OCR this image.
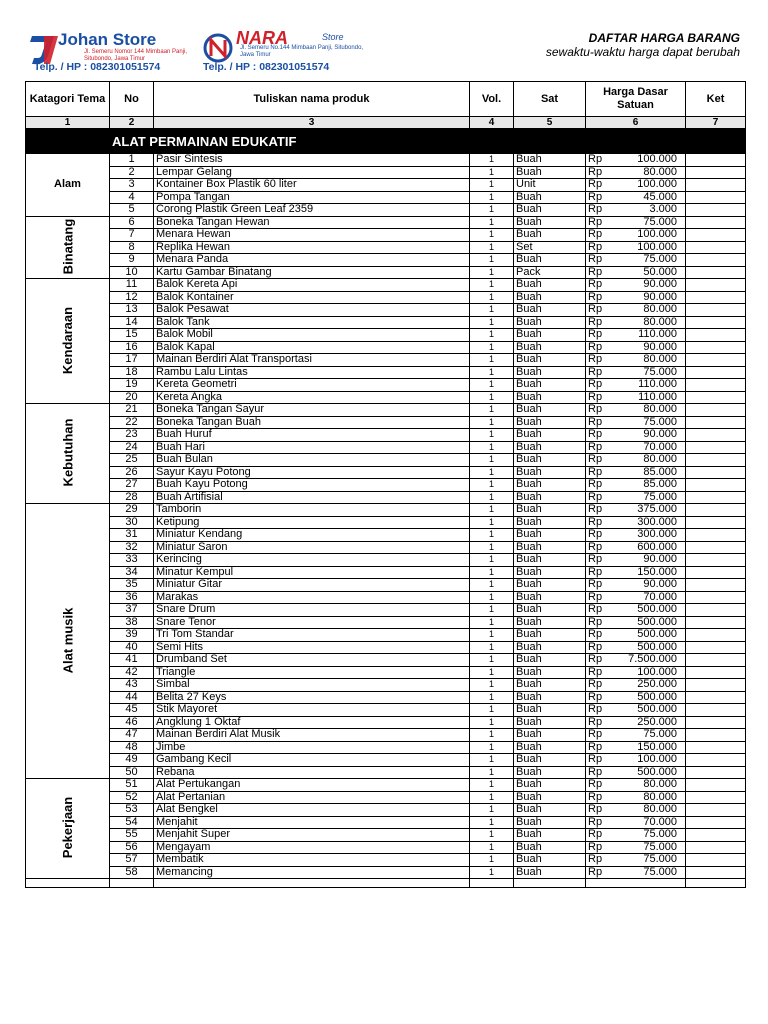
Johan Store
Jl. Semeru Nomor 144 Mimbaan Panji, Situbondo, Jawa Timur
Telp. / HP : 082301051574
NARA	Store
Jl. Semeru No.144 Mimbaan Panji, Situbondo, Jawa Timur
Telp. / HP : 082301051574
DAFTAR HARGA BARANG
sewaktu-waktu harga dapat berubah
Katagori Tema	No	Tuliskan nama produk	Vol.	Sat	Harga Dasar Satuan		Ket
1	2	3	4	5	6		7
	ALAT PERMAINAN EDUKATIF						
Alam	1	Pasir Sintesis	1	Buah	Rp	100.000	
	2	Lempar Gelang	1	Buah	Rp	80.000	
	3	Kontainer Box Plastik 60 liter	1	Unit	Rp	100.000	
	4	Pompa Tangan	1	Buah	Rp	45.000	
	5	Corong Plastik Green Leaf 2359	1	Buah	Rp	3.000	
Binatang	6	Boneka Tangan Hewan	1	Buah	Rp	75.000	
	7	Menara Hewan	1	Buah	Rp	100.000	
	8	Replika Hewan	1	Set	Rp	100.000	
	9	Menara Panda	1	Buah	Rp	75.000	
	10	Kartu Gambar Binatang	1	Pack	Rp	50.000	
Kendaraan	11	Balok Kereta Api	1	Buah	Rp	90.000	
	12	Balok Kontainer	1	Buah	Rp	90.000	
	13	Balok Pesawat	1	Buah	Rp	80.000	
	14	Balok Tank	1	Buah	Rp	80.000	
	15	Balok Mobil	1	Buah	Rp	110.000	
	16	Balok Kapal	1	Buah	Rp	90.000	
	17	Mainan Berdiri Alat Transportasi	1	Buah	Rp	80.000	
	18	Rambu Lalu Lintas	1	Buah	Rp	75.000	
	19	Kereta Geometri	1	Buah	Rp	110.000	
	20	Kereta Angka	1	Buah	Rp	110.000	
Kebutuhan	21	Boneka Tangan Sayur	1	Buah	Rp	80.000	
	22	Boneka Tangan Buah	1	Buah	Rp	75.000	
	23	Buah Huruf	1	Buah	Rp	90.000	
	24	Buah Hari	1	Buah	Rp	70.000	
	25	Buah Bulan	1	Buah	Rp	80.000	
	26	Sayur Kayu Potong	1	Buah	Rp	85.000	
	27	Buah Kayu Potong	1	Buah	Rp	85.000	
	28	Buah Artifisial	1	Buah	Rp	75.000	
Alat musik	29	Tamborin	1	Buah	Rp	375.000	
	30	Ketipung	1	Buah	Rp	300.000	
	31	Miniatur Kendang	1	Buah	Rp	300.000	
	32	Miniatur Saron	1	Buah	Rp	600.000	
	33	Kerincing	1	Buah	Rp	90.000	
	34	Minatur Kempul	1	Buah	Rp	150.000	
	35	Miniatur Gitar	1	Buah	Rp	90.000	
	36	Marakas	1	Buah	Rp	70.000	
	37	Snare Drum	1	Buah	Rp	500.000	
	38	Snare Tenor	1	Buah	Rp	500.000	
	39	Tri Tom Standar	1	Buah	Rp	500.000	
	40	Semi Hits	1	Buah	Rp	500.000	
	41	Drumband Set	1	Buah	Rp	7.500.000	
	42	Triangle	1	Buah	Rp	100.000	
	43	Simbal	1	Buah	Rp	250.000	
	44	Belita 27 Keys	1	Buah	Rp	500.000	
	45	Stik Mayoret	1	Buah	Rp	500.000	
	46	Angklung 1 Oktaf	1	Buah	Rp	250.000	
	47	Mainan Berdiri Alat Musik	1	Buah	Rp	75.000	
	48	Jimbe	1	Buah	Rp	150.000	
	49	Gambang Kecil	1	Buah	Rp	100.000	
	50	Rebana	1	Buah	Rp	500.000	
Pekerjaan	51	Alat Pertukangan	1	Buah	Rp	80.000	
	52	Alat Pertanian	1	Buah	Rp	80.000	
	53	Alat Bengkel	1	Buah	Rp	80.000	
	54	Menjahit	1	Buah	Rp	70.000	
	55	Menjahit Super	1	Buah	Rp	75.000	
	56	Mengayam	1	Buah	Rp	75.000	
	57	Membatik	1	Buah	Rp	75.000	
	58	Memancing	1	Buah	Rp	75.000	
